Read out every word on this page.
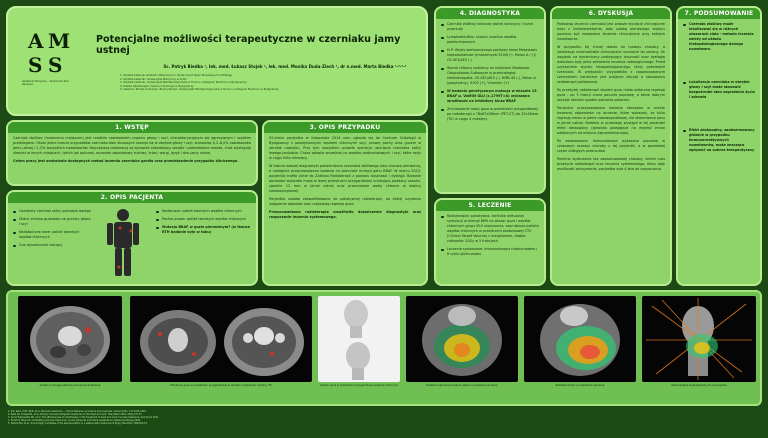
A M
S S
Akademia Medyczna... Studenckie Koło Naukowe
Potencjalne możliwości terapeutyczne w czerniaku jamy ustnej
lic. Patryk Biedka ¹, lek. med. Łukasz Stojek ², lek. med. Monika Duda-Ziech ³, dr n.med. Marta Biedka ¹·²·³·⁴
1. Wydział Lekarski Akademii Medycznych i Społecznych Nauk Stosowanych w Elblągu
2. Wydział Lekarski, Uniwersytet Medyczny w Łodzi
3. Wydział Lekarski, Uniwersytet Mikołaja Kopernika w Toruniu, Collegium Medicum w Bydgoszczy
4. Zakład Radioterapii, Centrum Onkologii w Bydgoszczy
5. Katedra i Klinika Onkologii i Brachyterapii, Uniwersytet Mikołaja Kopernika w Toruniu, Collegium Medicum w Bydgoszczy
1. WSTĘP

Czerniak złośliwy (melanoma malignum) jest rzadkim nowotworem regionu głowy i szyi, charakteryzującym się agresywnym i szybkim przebiegiem. Około jedna trzecia przypadków czerniaka błon śluzowych rozwija się w obrębie głowy i szyi, stanowiąc 0,2–8,0% nowotworów jamy ustnej i 1–2% wszystkich nowotworów. Najczęstszą lokalizacją są wyrostek zębodołowy szczęki i podniebienie twarde, choć występuje również w innych miejscach, takich jak policzek, wyrostek zębodołowy żuchwy, krtań, wargi, język i dno jamy ustnej.

Celem pracy jest omówienie dostępnych metod leczenia czerniaka gardła oraz przedstawienie przypadku klinicznego.

2. OPIS PACJENTA
Uszubiety czerniak skóry podudzia lewego
Skóra: zmiana guzowata na granicy głowy i szyi
Nadoboiczne lewe: pakiet twardych węzłów chłonnych
Guz dynamicznie rosnący
Nadbrusze: pakiet twardych węzłów chłonnych
Pachia prawa: pakiet twardych węzłów chłonnych
Mutacja BRAF w guzie pierwotnym? (w tkance RTH badanie było w toku)
3. OPIS PRZYPADKU

52-letnia pacjentka w listopadzie 2014 roku zgłosiła się do Centrum Onkologii w Bydgoszczy z powiększonymi węzłami chłonnymi szyi, prawej pachy oraz guzem w obrębie nosołyku. Przy tym wszystkim prawda operacja usunięcia czerniaka skóry lewego podudzia. Chora zgłosiła wcześniej na węzłów podżuchwowych i szyi, które rosły w ciągu kilku miesięcy.

W trakcie dalszej diagnostyki potwierdzono czerniaka złośliwego jako chorobę pierwotną, a następnie przeprowadzono badania na obecność mutacji genu BRAF. W marcu 2015, pacjentka trafiła pilnie do Zakładu Radioterapii z powodu dusznosci i dysfagii. Badanie obrazowe wykazało masę w lewej przestrzeni przygardłowej uciskającą poddany czaszki, zgodnie 12 mm w jamie ustnej oraz przerzutowe węzły chłonne w okolicy nadobojczykowej.

Pacjentka została zakwalifikowana do paliatywnej radioterapii, po której uzyskano ustąpienie objawów oraz częściową regresję guza.

Przeprowadzono radioterapię umożliwiło dokończenie diagnostyki oraz rozpoczęcie leczenia systemowego.

4. DIAGNOSTYKA
Czerniak złośliwy końcowy dolnej kończyny i liczne przerzuty
Lymphoedullitis: chronic reactiva węzłów podżuchwowych
H-P: Węzły wartowniczego pachowy lewej Metastasis heptamelaticae lymphomyelii S100(+), Melan A (+)/ CK AE1/AE3 (-)
Wynat chłonny położony za mięśniem Mostkowo-Obojczykowo-Sutkowym w przeciwległej: limfadenopatia. CK AE1/AE3 (-), HMB-45 (-), Melan-A (pozytywny), S100 (+), Vimentin (+)
W badaniu genetycznym mutacja w eksonie 15 BRAF p. Val600 GLU (c.1799T>A) wykazano wrażliwość na inhibitory kinaz BRAF
Zmniejszenie masy guza w przestrzeni przygardłowej po radioterapii z 78x67x58mm (PET-CT) do 22x16mm (TK) w ciągu 4 miesięcy
5. LECZENIE
Radioterapia: paliatywna, technika wirtualnej symulacji w energii 6MV na obszar guza i węzłów chłonnych grupy IB-V ulozyroznia, oraz obszar pakietu węzłów chłonnych w przestrzeni zaotorbowej CTV (Clinical Target Volume) z marginesem, dawka całkowita: 20Gy w 5 frakcjach
Leczenie systemowe: immunoterapia niwolumabem i 6 cyklu ipilimumabu
6. DYSKUSJA

Podstawą leczenia czerniaka jest zawsze wycięcie chirurgiczne wraz z limfadenektomią. Jako uzbieg pierwszego wyboru powinno być rozważone leczenie chirurgiczne przy każdym nowotworze.

W przypadku tej chorej doszło do rozwoju choroby, a lokalizacja uniemożliwiła chirurgiczne usunięcie tej zmiany. Ze względu na dynamiczny postępujący duszność oraz dysfagię wdrożono były pilne wdrożenie leczenia radiologicznego. Przed uzyskaniem wyniku histopatologicznego, który potwierdził czerniaka. W większości przypadków z zaawansowanym czerniakiem konieczne jest podjęcie decyzji o stosowaniu radioterapii paliatywnej.

Po przebytej radioterapii stopień guzu miało widoczną regresję guza - po 3 frakcji chora poczuła poprawę, a także dobrym zaczęła również spadek pobrania pokarmu.

Pacjentce przeprowadzono badania obrazowe w ocenie wczesnej odpowiedzi na leczenie, które wykazały, że tylko regresję zmian w jamie nosowogardłowej, nie stwierdzono pasu w jamie ustnej. Badania w przebiegu wystąpił w tej pacjentki efekt abskopalny (zjawisko polegające na regresji zmian oddalonych od miejsca napromienianego).

Po zastosowaniu immunoterapii wykazano poprawę w czasowym rozwoju choroby u tej pacjentki, a w pozostałej części odległych przerzutów.

Pomimo wydłużenia tak zaawansowanej choroby, średni czas przeżycia radioterapii oraz leczenia systemowego, który daje możliwość zatrzymania, pacjentka żyła 4 lata od rozpoznania.

7. PODSUMOWANIE
Czerniak złośliwy może lokalizować się w różnych obszarach ciała - metoda leczenia zależy od układu histopatologicznego danego nowotworu
Lokalizacja czerniaka w obrębie głowy i szyi może stanowić bezpośredni stan zagrożenia życia i zdrowia
Efekt abskopalny, zaobserwowany głównie w przypadku immunoreaktywnych nowotworów, może znacząco wpływać na sukces terapeutyczny
Guzek na drugiej szklanej ścianie podniebienia	Położenie guza w przestrzeni przygardłowej w obrębie śródpiersia i zmiany TK	Obszar guza w przestrzeni przygardłowej węzłów chłonnych	Rozkład napromieniowania dawki na obszarze leczenia	Rozkład izodoz na obszarach leczenia	Układ wiązek terapeutycznych na pacjenta
1. R.E. Kahn, M.M. Wolf, et al. Mucosal melanoma — clinical features, recurrence and prognosis. Cancer 2011; 117:1234-1245.
2. Patel SG, Prasad ML, et al. Primary mucosal malignant melanoma of the head and neck. Head Neck 2002; 24(3):247-57.
3. Grant-Freemantle MC, et al. The effectiveness of radiotherapy in the treatment of head and neck mucosal melanoma. Oral Oncol 2021.
4. Tyrrell H, Payne M. Combatting mucosal melanoma: recent advances and future perspectives. Melanoma Manag 2018.
5. Postow MA, et al. Immunologic correlates of the abscopal effect in a patient with melanoma. N Engl J Med 2012; 366:925-31.
